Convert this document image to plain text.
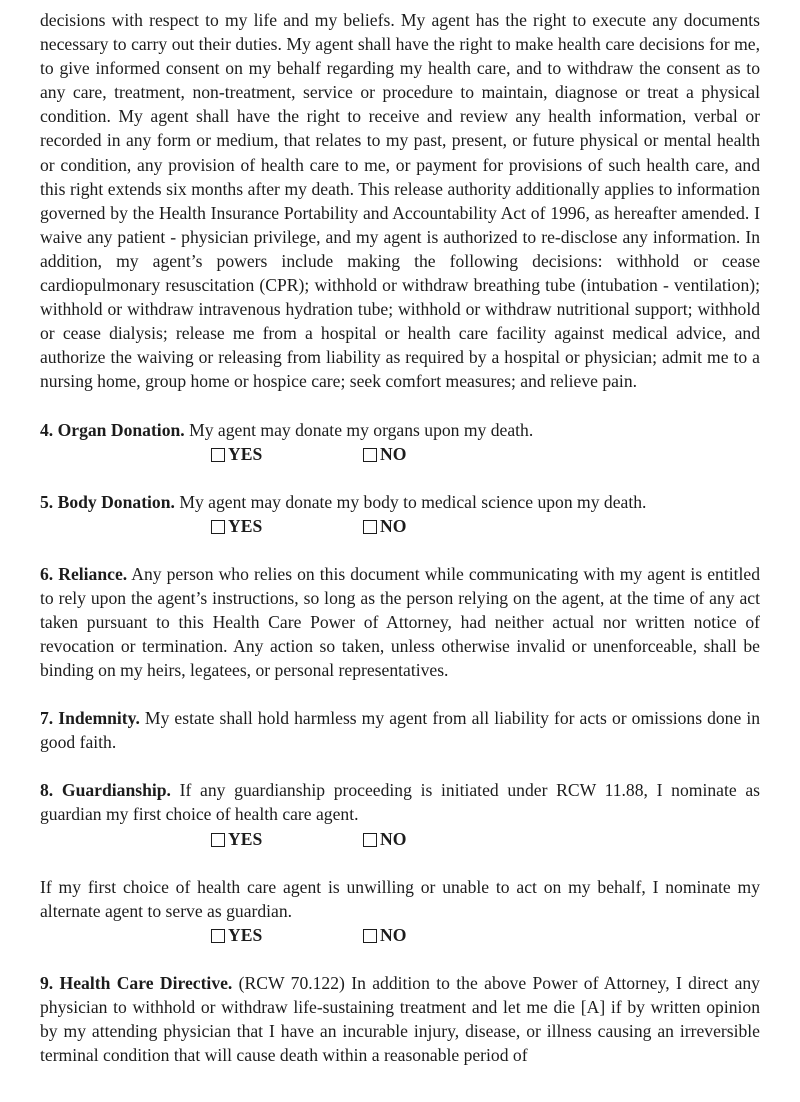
decisions with respect to my life and my beliefs. My agent has the right to execute any documents necessary to carry out their duties. My agent shall have the right to make health care decisions for me, to give informed consent on my behalf regarding my health care, and to withdraw the consent as to any care, treatment, non-treatment, service or procedure to maintain, diagnose or treat a physical condition. My agent shall have the right to receive and review any health information, verbal or recorded in any form or medium, that relates to my past, present, or future physical or mental health or condition, any provision of health care to me, or payment for provisions of such health care, and this right extends six months after my death. This release authority additionally applies to information governed by the Health Insurance Portability and Accountability Act of 1996, as hereafter amended. I waive any patient - physician privilege, and my agent is authorized to re-disclose any information. In addition, my agent’s powers include making the following decisions: withhold or cease cardiopulmonary resuscitation (CPR); withhold or withdraw breathing tube (intubation - ventilation); withhold or withdraw intravenous hydration tube; withhold or withdraw nutritional support; withhold or cease dialysis; release me from a hospital or health care facility against medical advice, and authorize the waiving or releasing from liability as required by a hospital or physician; admit me to a nursing home, group home or hospice care; seek comfort measures; and relieve pain.

4. Organ Donation. My agent may donate my organs upon my death.

YES	NO

5. Body Donation. My agent may donate my body to medical science upon my death.

YES	NO

6. Reliance. Any person who relies on this document while communicating with my agent is entitled to rely upon the agent’s instructions, so long as the person relying on the agent, at the time of any act taken pursuant to this Health Care Power of Attorney, had neither actual nor written notice of revocation or termination. Any action so taken, unless otherwise invalid or unenforceable, shall be binding on my heirs, legatees, or personal representatives.

7. Indemnity. My estate shall hold harmless my agent from all liability for acts or omissions done in good faith.

8. Guardianship. If any guardianship proceeding is initiated under RCW 11.88, I nominate as guardian my first choice of health care agent.

YES	NO

If my first choice of health care agent is unwilling or unable to act on my behalf, I nominate my alternate agent to serve as guardian.

YES	NO

9. Health Care Directive. (RCW 70.122) In addition to the above Power of Attorney, I direct any physician to withhold or withdraw life-sustaining treatment and let me die [A] if by written opinion by my attending physician that I have an incurable injury, disease, or illness causing an irreversible terminal condition that will cause death within a reasonable period of
